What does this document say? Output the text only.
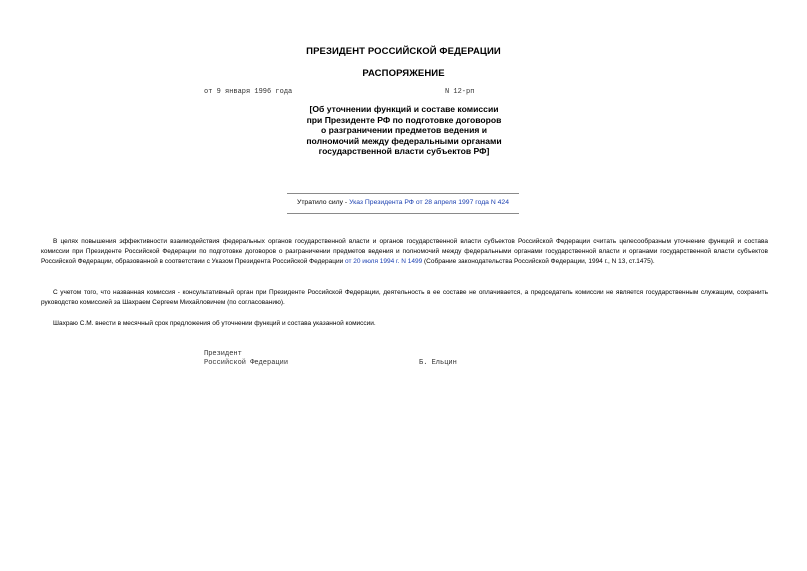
ПРЕЗИДЕНТ РОССИЙСКОЙ ФЕДЕРАЦИИ
РАСПОРЯЖЕНИЕ
от 9 января 1996 года	N 12-рп
[Об уточнении функций и составе комиссии при Президенте РФ по подготовке договоров о разграничении предметов ведения и полномочий между федеральными органами государственной власти субъектов РФ]
Утратило силу - Указ Президента РФ от 28 апреля 1997 года N 424
В целях повышения эффективности взаимодействия федеральных органов государственной власти и органов государственной власти субъектов Российской Федерации считать целесообразным уточнение функций и состава комиссии при Президенте Российской Федерации по подготовке договоров о разграничении предметов ведения и полномочий между федеральными органами государственной власти и органами государственной власти субъектов Российской Федерации, образованной в соответствии с Указом Президента Российской Федерации от 20 июля 1994 г. N 1499 (Собрание законодательства Российской Федерации, 1994 г., N 13, ст.1475).
С учетом того, что названная комиссия - консультативный орган при Президенте Российской Федерации, деятельность в ее составе не оплачивается, а председатель комиссии не является государственным служащим, сохранить руководство комиссией за Шахраем Сергеем Михайловичем (по согласованию).
Шахраю С.М. внести в месячный срок предложения об уточнении функций и состава указанной комиссии.
Президент
Российской Федерации	Б. Ельцин
